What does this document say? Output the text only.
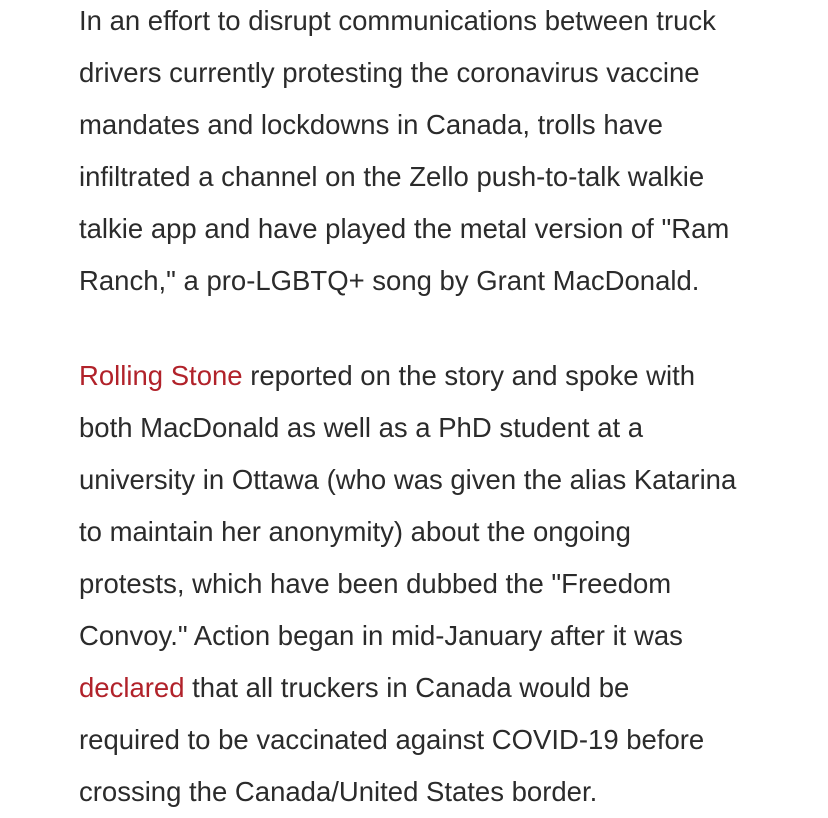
In an effort to disrupt communications between truck
drivers currently protesting the coronavirus vaccine
mandates and lockdowns in Canada, trolls have
infiltrated a channel on the Zello push-to-talk walkie
talkie app and have played the metal version of "Ram
Ranch," a pro-LGBTQ+ song by Grant MacDonald.

Rolling Stone reported on the story and spoke with
both MacDonald as well as a PhD student at a
university in Ottawa (who was given the alias Katarina
to maintain her anonymity) about the ongoing
protests, which have been dubbed the "Freedom
Convoy." Action began in mid-January after it was
declared that all truckers in Canada would be
required to be vaccinated against COVID-19 before
crossing the Canada/United States border.
